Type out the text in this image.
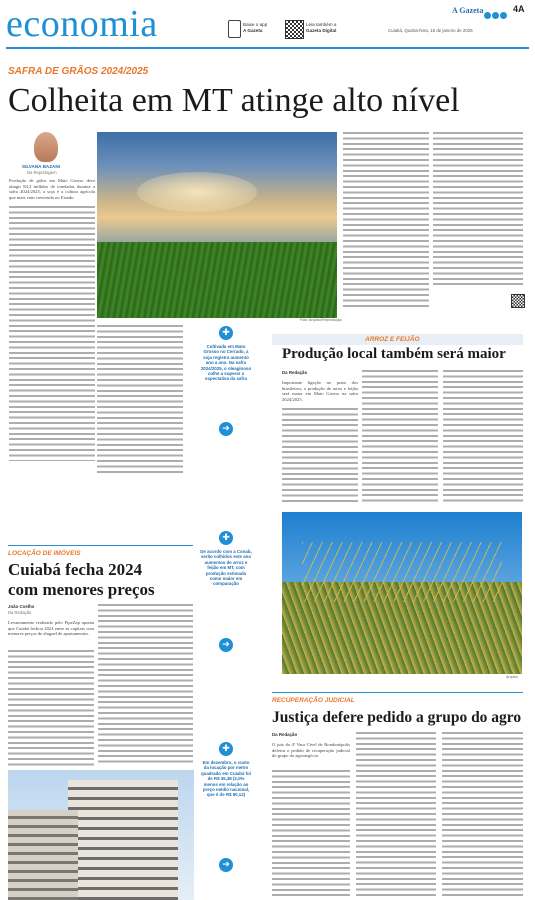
economia	Baixe o app
A Gazeta
Leia também a
Gazeta Digital
A Gazeta	4A
Cuiabá, Quarta-feira, 15 de janeiro de 2025
SAFRA DE GRÃOS 2024/2025
Colheita em MT atinge alto nível
SILVANA BAZANI
Da Reportagem
Produção de grãos em Mato Grosso deve atingir 84,3 milhões de toneladas durante a safra 2024/2025, a soja é a cultura agrícola que mais vem crescendo no Estado.
Foto: Arquivo/Reprodução
✚
Cultivada em Mato Grosso no Cerrado, a soja registra aumento ano a ano. Na safra 2024/2025, o oleaginoso colhe a superar a expectativa da safra
➔
ARROZ E FEIJÃO
Produção local também será maior
Da Redação
Importante ligação no prato dos brasileiros, a produção de arroz e feijão será maior em Mato Grosso na safra 2024/2025.
Arquivo
✚
De acordo com a Conab, serão colhidos este ano aumentos de arroz e feijão em MT, com produção estimada como maior em comparação
➔
LOCAÇÃO DE IMÓVEIS
Cuiabá fecha 2024
com menores preços
João Coelho
Da Redação
Levantamento realizado pelo FipeZap aponta que Cuiabá fechou 2024 entre as capitais com menores preços de aluguel de apartamentos.
✚
Em dezembro, o custo da locação por metro quadrado em Cuiabá foi de R$ 35,38 (2,0% menos em relação ao preço médio nacional, que é de R$ 50,12)
➔
RECUPERAÇÃO JUDICIAL
Justiça defere pedido a grupo do agro
Da Redação
O juiz da 4ª Vara Cível de Rondonópolis deferiu o pedido de recuperação judicial do grupo do agronegócio.
